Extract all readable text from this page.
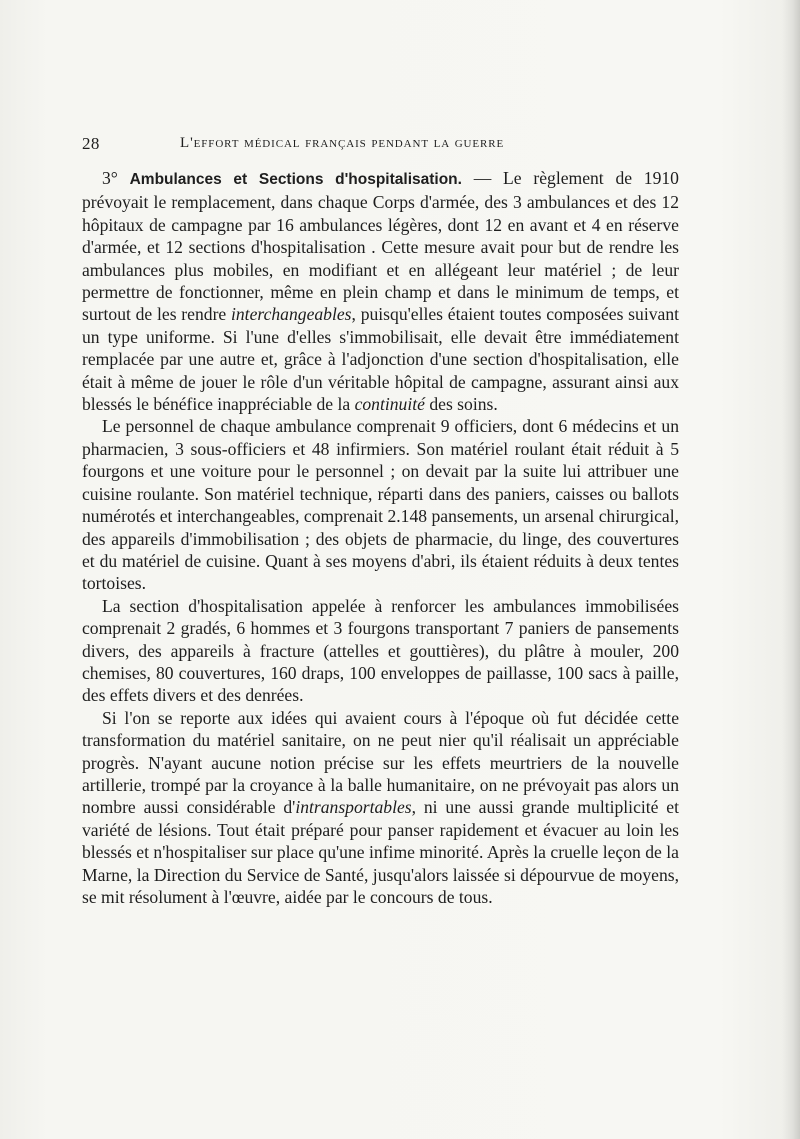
28	L'effort médical français pendant la guerre

3° Ambulances et Sections d'hospitalisation. — Le règlement de 1910 prévoyait le remplacement, dans chaque Corps d'armée, des 3 ambulances et des 12 hôpitaux de campagne par 16 ambulances légères, dont 12 en avant et 4 en réserve d'armée, et 12 sections d'hospitalisation . Cette mesure avait pour but de rendre les ambulances plus mobiles, en modifiant et en allégeant leur matériel ; de leur permettre de fonctionner, même en plein champ et dans le minimum de temps, et surtout de les rendre interchangeables, puisqu'elles étaient toutes composées suivant un type uniforme. Si l'une d'elles s'immobilisait, elle devait être immédiatement remplacée par une autre et, grâce à l'adjonction d'une section d'hospitalisation, elle était à même de jouer le rôle d'un véritable hôpital de campagne, assurant ainsi aux blessés le bénéfice inappréciable de la continuité des soins.

Le personnel de chaque ambulance comprenait 9 officiers, dont 6 médecins et un pharmacien, 3 sous-officiers et 48 infirmiers. Son matériel roulant était réduit à 5 fourgons et une voiture pour le personnel ; on devait par la suite lui attribuer une cuisine roulante. Son matériel technique, réparti dans des paniers, caisses ou ballots numérotés et interchangeables, comprenait 2.148 pansements, un arsenal chirurgical, des appareils d'immobilisation ; des objets de pharmacie, du linge, des couvertures et du matériel de cuisine. Quant à ses moyens d'abri, ils étaient réduits à deux tentes tortoises.

La section d'hospitalisation appelée à renforcer les ambulances immobilisées comprenait 2 gradés, 6 hommes et 3 fourgons transportant 7 paniers de pansements divers, des appareils à fracture (attelles et gouttières), du plâtre à mouler, 200 chemises, 80 couvertures, 160 draps, 100 enveloppes de paillasse, 100 sacs à paille, des effets divers et des denrées.

Si l'on se reporte aux idées qui avaient cours à l'époque où fut décidée cette transformation du matériel sanitaire, on ne peut nier qu'il réalisait un appréciable progrès. N'ayant aucune notion précise sur les effets meurtriers de la nouvelle artillerie, trompé par la croyance à la balle humanitaire, on ne prévoyait pas alors un nombre aussi considérable d'intransportables, ni une aussi grande multiplicité et variété de lésions. Tout était préparé pour panser rapidement et évacuer au loin les blessés et n'hospitaliser sur place qu'une infime minorité. Après la cruelle leçon de la Marne, la Direction du Service de Santé, jusqu'alors laissée si dépourvue de moyens, se mit résolument à l'œuvre, aidée par le concours de tous.
